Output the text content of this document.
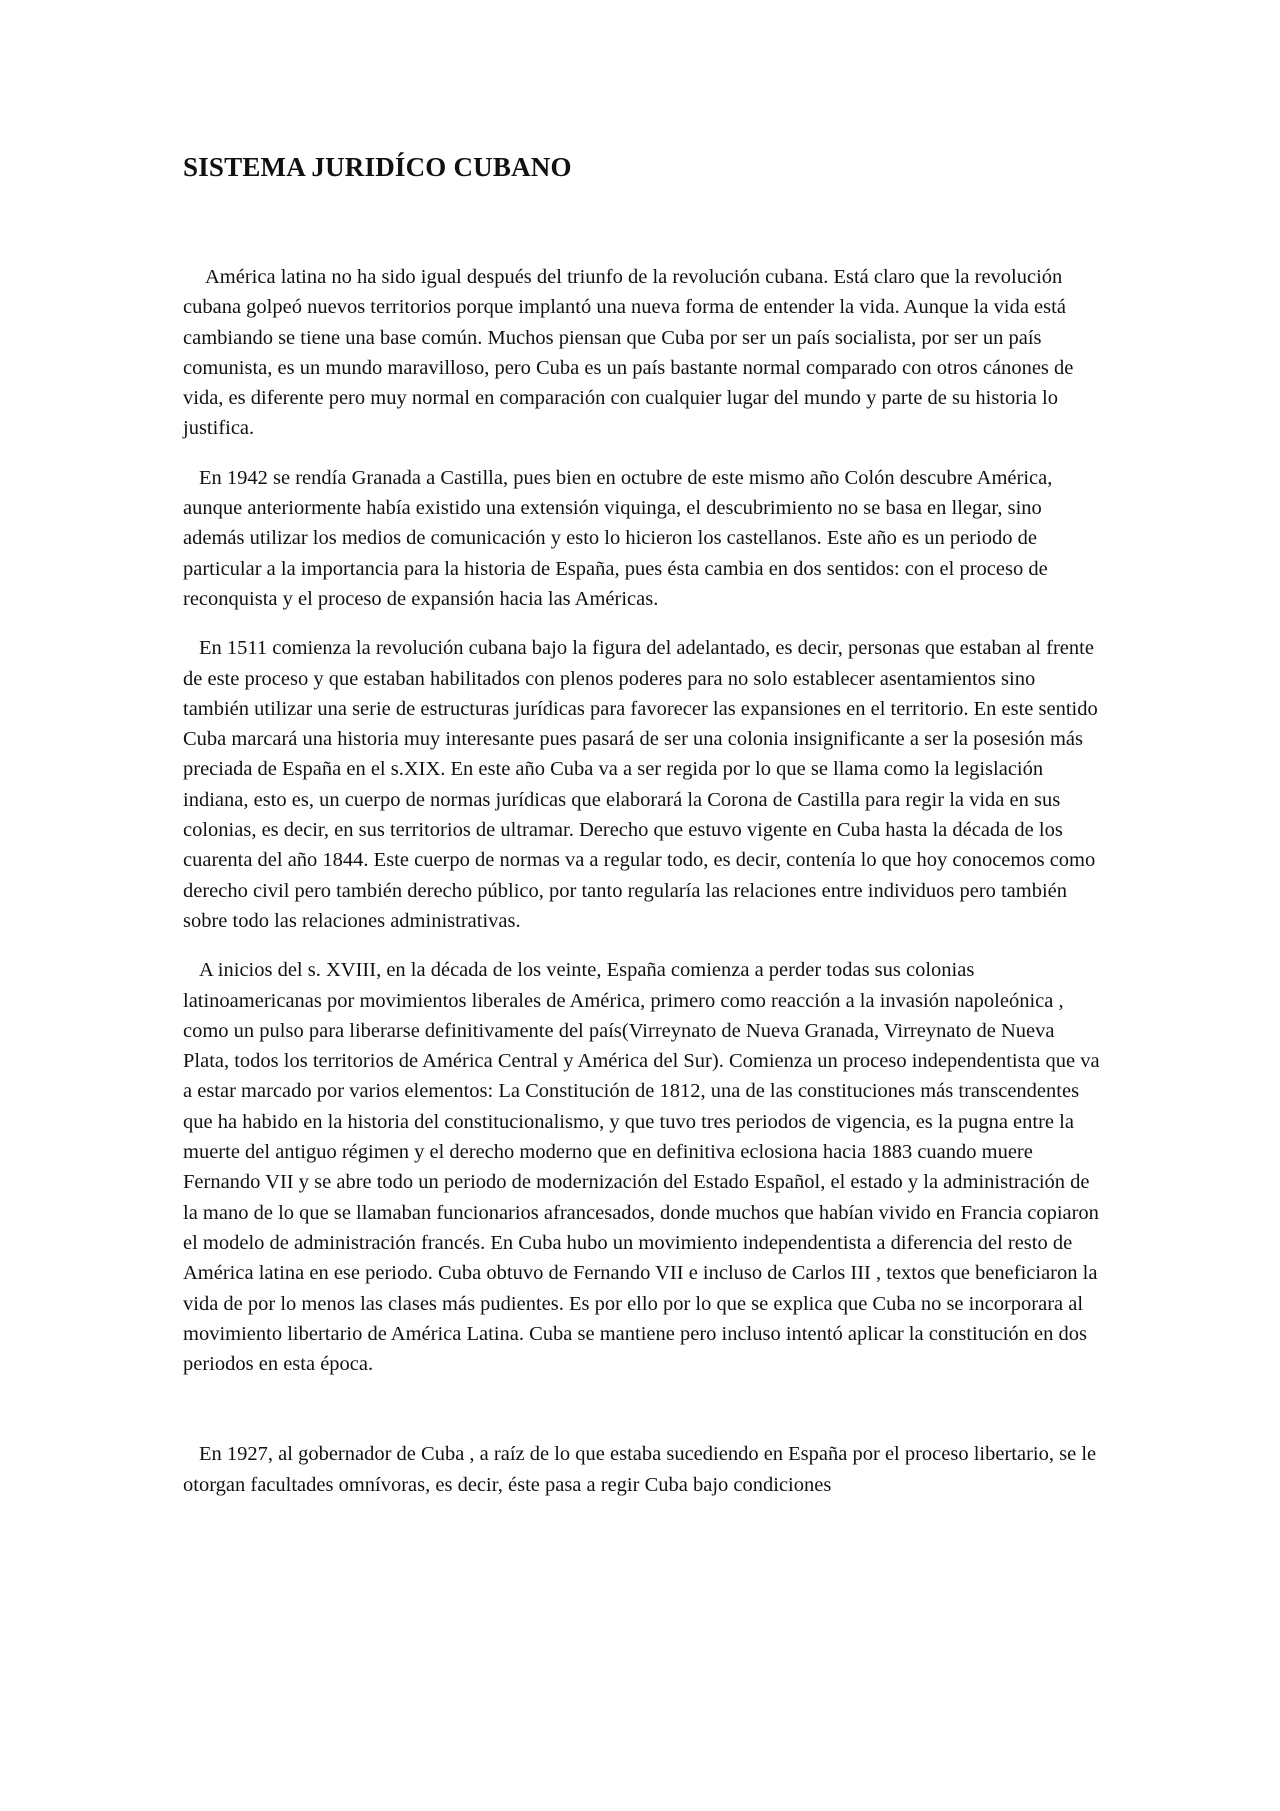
SISTEMA JURIDÍCO CUBANO

América latina no ha sido igual después del triunfo de la revolución cubana. Está claro que la revolución cubana golpeó nuevos territorios porque implantó una nueva forma de entender la vida. Aunque la vida está cambiando se tiene una base común. Muchos piensan que Cuba por ser un país socialista, por ser un país comunista, es un mundo maravilloso, pero Cuba es un país bastante normal comparado con otros cánones de vida, es diferente pero muy normal en comparación con cualquier lugar del mundo y parte de su historia lo justifica.

En 1942 se rendía Granada a Castilla, pues bien en octubre de este mismo año Colón descubre América, aunque anteriormente había existido una extensión viquinga, el descubrimiento no se basa en llegar, sino además utilizar los medios de comunicación y esto lo hicieron los castellanos. Este año es un periodo de particular a la importancia para la historia de España, pues ésta cambia en dos sentidos: con el proceso de reconquista y el proceso de expansión hacia las Américas.

En 1511 comienza la revolución cubana bajo la figura del adelantado, es decir, personas que estaban al frente de este proceso y que estaban habilitados con plenos poderes para no solo establecer asentamientos sino también utilizar una serie de estructuras jurídicas para favorecer las expansiones en el territorio. En este sentido Cuba marcará una historia muy interesante pues pasará de ser una colonia insignificante a ser la posesión más preciada de España en el s.XIX. En este año Cuba va a ser regida por lo que se llama como la legislación indiana, esto es, un cuerpo de normas jurídicas que elaborará la Corona de Castilla para regir la vida en sus colonias, es decir, en sus territorios de ultramar. Derecho que estuvo vigente en Cuba hasta la década de los cuarenta del año 1844. Este cuerpo de normas va a regular todo, es decir, contenía lo que hoy conocemos como derecho civil pero también derecho público, por tanto regularía las relaciones entre individuos pero también sobre todo las relaciones administrativas.

A inicios del s. XVIII, en la década de los veinte, España comienza a perder todas sus colonias latinoamericanas por movimientos liberales de América, primero como reacción a la invasión napoleónica , como un pulso para liberarse definitivamente del país(Virreynato de Nueva Granada, Virreynato de Nueva Plata, todos los territorios de América Central y América del Sur). Comienza un proceso independentista que va a estar marcado por varios elementos: La Constitución de 1812, una de las constituciones más transcendentes que ha habido en la historia del constitucionalismo, y que tuvo tres periodos de vigencia, es la pugna entre la muerte del antiguo régimen y el derecho moderno que en definitiva eclosiona hacia 1883 cuando muere Fernando VII y se abre todo un periodo de modernización del Estado Español, el estado y la administración de la mano de lo que se llamaban funcionarios afrancesados, donde muchos que habían vivido en Francia copiaron el modelo de administración francés. En Cuba hubo un movimiento independentista a diferencia del resto de América latina en ese periodo. Cuba obtuvo de Fernando VII e incluso de Carlos III , textos que beneficiaron la vida de por lo menos las clases más pudientes. Es por ello por lo que se explica que Cuba no se incorporara al movimiento libertario de América Latina. Cuba se mantiene pero incluso intentó aplicar la constitución en dos periodos en esta época.

En 1927, al gobernador de Cuba , a raíz de lo que estaba sucediendo en España por el proceso libertario, se le otorgan facultades omnívoras, es decir, éste pasa a regir Cuba bajo condiciones
